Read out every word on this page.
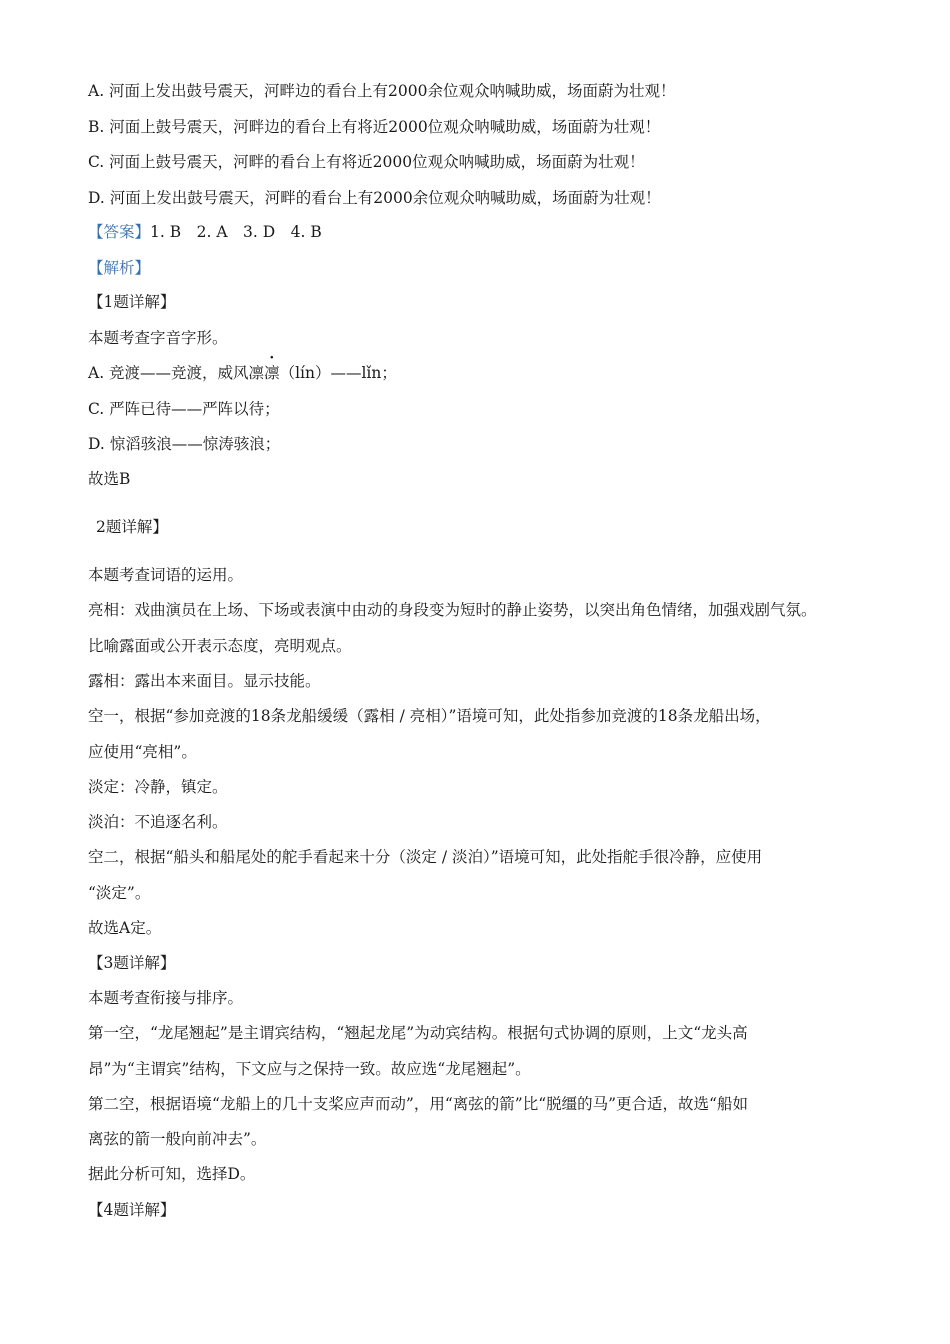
A. 河面上发出鼓号震天，河畔边的看台上有2000余位观众呐喊助威，场面蔚为壮观！
B. 河面上鼓号震天，河畔边的看台上有将近2000位观众呐喊助威，场面蔚为壮观！
C. 河面上鼓号震天，河畔的看台上有将近2000位观众呐喊助威，场面蔚为壮观！
D. 河面上发出鼓号震天，河畔的看台上有2000余位观众呐喊助威，场面蔚为壮观！
【答案】1. B　2. A　3. D　4. B
【解析】
【1题详解】
本题考查字音字形。
A. 竞渡——竞渡，威风凛凛（lín）——lǐn；
C. 严阵已待——严阵以待；
D. 惊滔骇浪——惊涛骇浪；
故选B
2题详解】
本题考查词语的运用。
亮相：戏曲演员在上场、下场或表演中由动的身段变为短时的静止姿势，以突出角色情绪，加强戏剧气氛。
比喻露面或公开表示态度，亮明观点。
露相：露出本来面目。显示技能。
空一，根据“参加竞渡的18条龙船缓缓（露相 / 亮相）”语境可知，此处指参加竞渡的18条龙船出场，
应使用“亮相”。
淡定：冷静，镇定。
淡泊：不追逐名利。
空二，根据“船头和船尾处的舵手看起来十分（淡定 / 淡泊）”语境可知，此处指舵手很冷静，应使用
“淡定”。
故选A定。
【3题详解】
本题考查衔接与排序。
第一空，“龙尾翘起”是主谓宾结构，“翘起龙尾”为动宾结构。根据句式协调的原则，上文“龙头高
昂”为“主谓宾”结构，下文应与之保持一致。故应选“龙尾翘起”。
第二空，根据语境“龙船上的几十支桨应声而动”，用“离弦的箭”比“脱缰的马”更合适，故选“船如
离弦的箭一般向前冲去”。
据此分析可知，选择D。
【4题详解】
